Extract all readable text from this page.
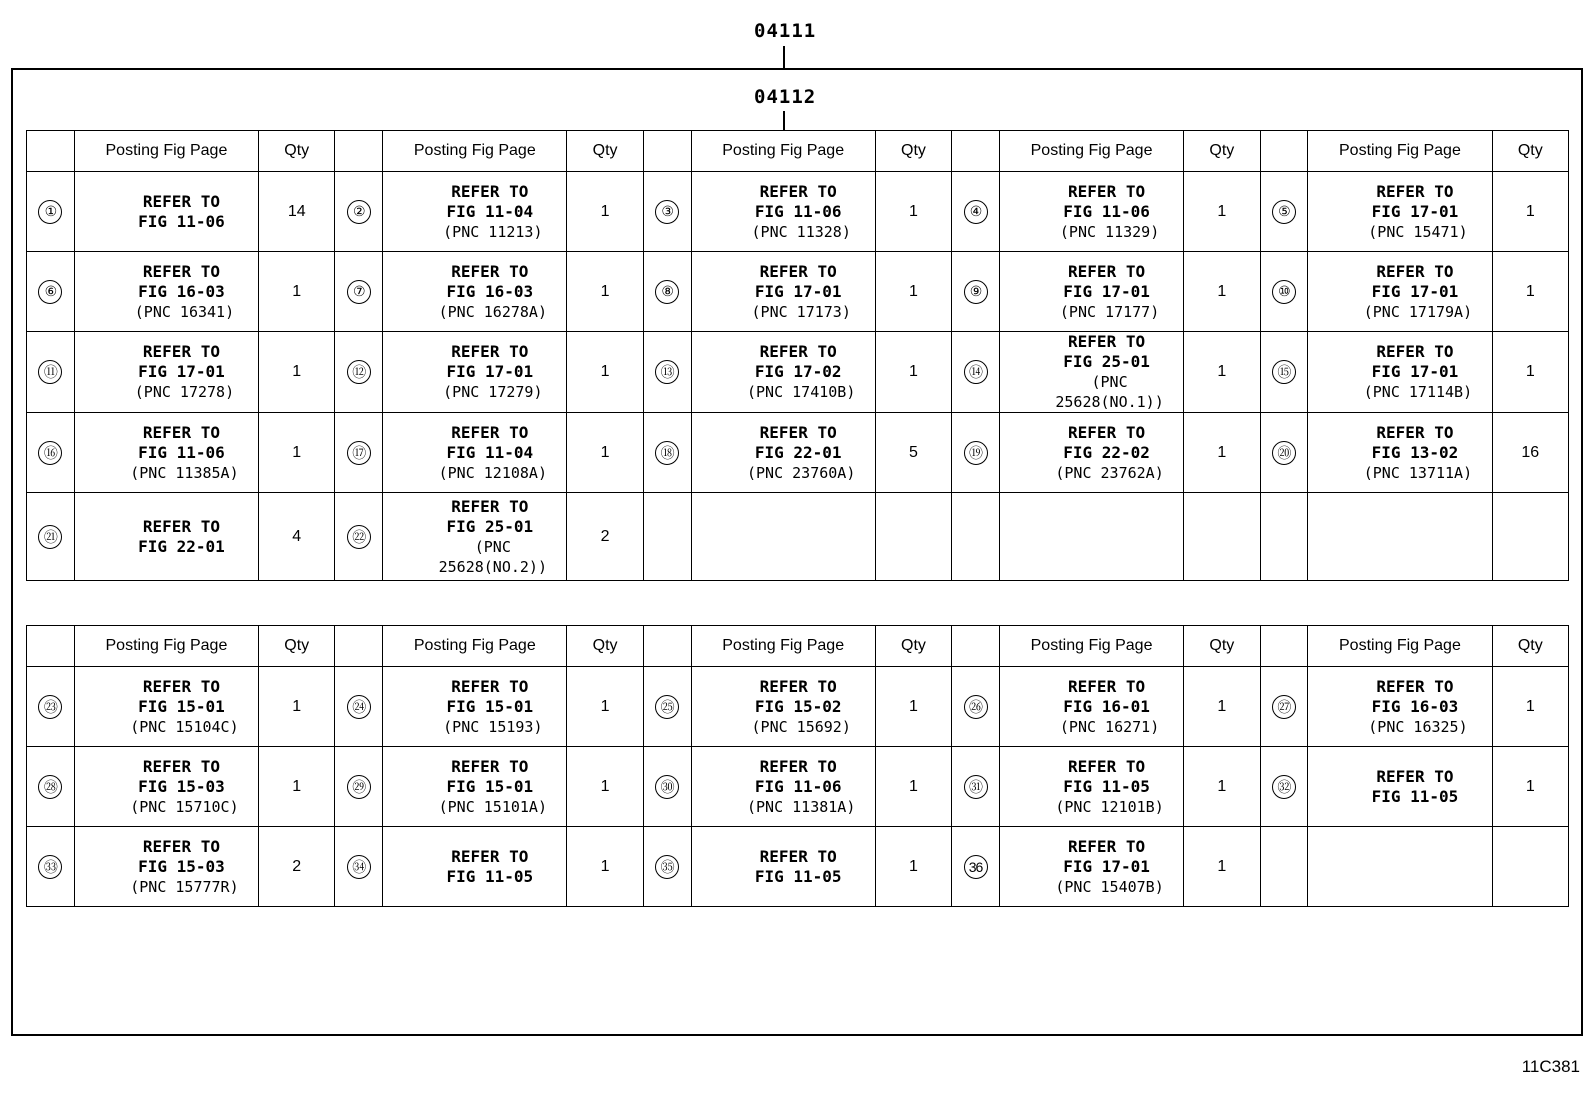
04111
04112
	Posting Fig Page	Qty		Posting Fig Page	Qty		Posting Fig Page	Qty		Posting Fig Page	Qty		Posting Fig Page	Qty
①	REFER TO
FIG 11-06	14	②	REFER TO
FIG 11-04
(PNC 11213)	1	③	REFER TO
FIG 11-06
(PNC 11328)	1	④	REFER TO
FIG 11-06
(PNC 11329)	1	⑤	REFER TO
FIG 17-01
(PNC 15471)	1
⑥	REFER TO
FIG 16-03
(PNC 16341)	1	⑦	REFER TO
FIG 16-03
(PNC 16278A)	1	⑧	REFER TO
FIG 17-01
(PNC 17173)	1	⑨	REFER TO
FIG 17-01
(PNC 17177)	1	⑩	REFER TO
FIG 17-01
(PNC 17179A)	1
⑪	REFER TO
FIG 17-01
(PNC 17278)	1	⑫	REFER TO
FIG 17-01
(PNC 17279)	1	⑬	REFER TO
FIG 17-02
(PNC 17410B)	1	⑭	REFER TO
FIG 25-01
(PNC 25628(NO.1))	1	⑮	REFER TO
FIG 17-01
(PNC 17114B)	1
⑯	REFER TO
FIG 11-06
(PNC 11385A)	1	⑰	REFER TO
FIG 11-04
(PNC 12108A)	1	⑱	REFER TO
FIG 22-01
(PNC 23760A)	5	⑲	REFER TO
FIG 22-02
(PNC 23762A)	1	⑳	REFER TO
FIG 13-02
(PNC 13711A)	16
㉑	REFER TO
FIG 22-01	4	㉒	REFER TO
FIG 25-01
(PNC 25628(NO.2))	2									
	Posting Fig Page	Qty		Posting Fig Page	Qty		Posting Fig Page	Qty		Posting Fig Page	Qty		Posting Fig Page	Qty
㉓	REFER TO
FIG 15-01
(PNC 15104C)	1	㉔	REFER TO
FIG 15-01
(PNC 15193)	1	㉕	REFER TO
FIG 15-02
(PNC 15692)	1	㉖	REFER TO
FIG 16-01
(PNC 16271)	1	㉗	REFER TO
FIG 16-03
(PNC 16325)	1
㉘	REFER TO
FIG 15-03
(PNC 15710C)	1	㉙	REFER TO
FIG 15-01
(PNC 15101A)	1	㉚	REFER TO
FIG 11-06
(PNC 11381A)	1	㉛	REFER TO
FIG 11-05
(PNC 12101B)	1	㉜	REFER TO
FIG 11-05	1
㉝	REFER TO
FIG 15-03
(PNC 15777R)	2	㉞	REFER TO
FIG 11-05	1	㉟	REFER TO
FIG 11-05	1	36	REFER TO
FIG 17-01
(PNC 15407B)	1			
11C381
